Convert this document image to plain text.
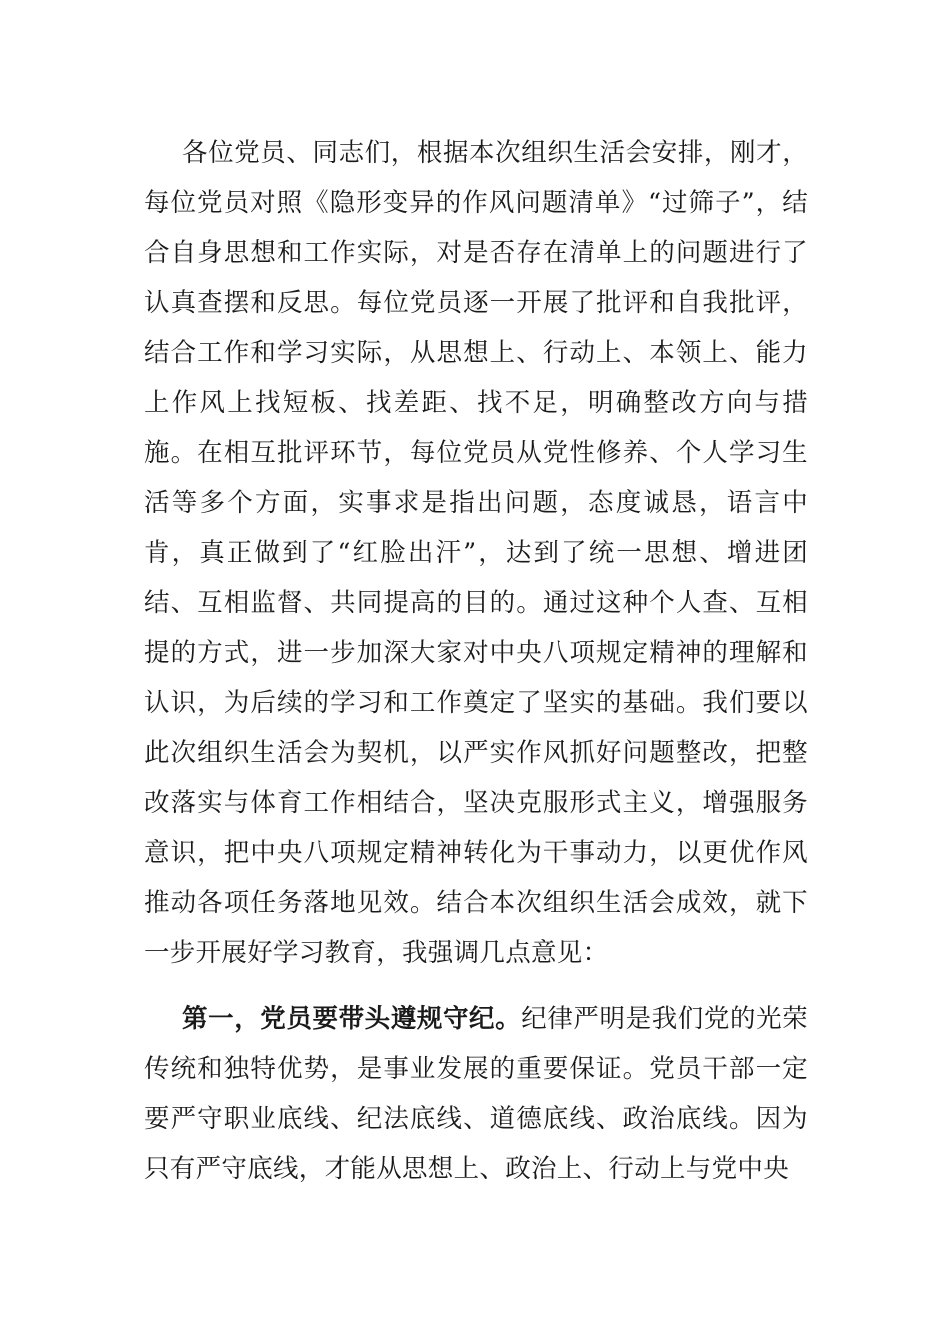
各位党员、同志们，根据本次组织生活会安排，刚才，每位党员对照《隐形变异的作风问题清单》“过筛子”，结合自身思想和工作实际，对是否存在清单上的问题进行了认真查摆和反思。每位党员逐一开展了批评和自我批评，结合工作和学习实际，从思想上、行动上、本领上、能力上作风上找短板、找差距、找不足，明确整改方向与措施。在相互批评环节，每位党员从党性修养、个人学习生活等多个方面，实事求是指出问题，态度诚恳，语言中肯，真正做到了“红脸出汗”，达到了统一思想、增进团结、互相监督、共同提高的目的。通过这种个人查、互相提的方式，进一步加深大家对中央八项规定精神的理解和认识，为后续的学习和工作奠定了坚实的基础。我们要以此次组织生活会为契机，以严实作风抓好问题整改，把整改落实与体育工作相结合，坚决克服形式主义，增强服务意识，把中央八项规定精神转化为干事动力，以更优作风推动各项任务落地见效。结合本次组织生活会成效，就下一步开展好学习教育，我强调几点意见：

第一，党员要带头遵规守纪。纪律严明是我们党的光荣传统和独特优势，是事业发展的重要保证。党员干部一定要严守职业底线、纪法底线、道德底线、政治底线。因为只有严守底线，才能从思想上、政治上、行动上与党中央
